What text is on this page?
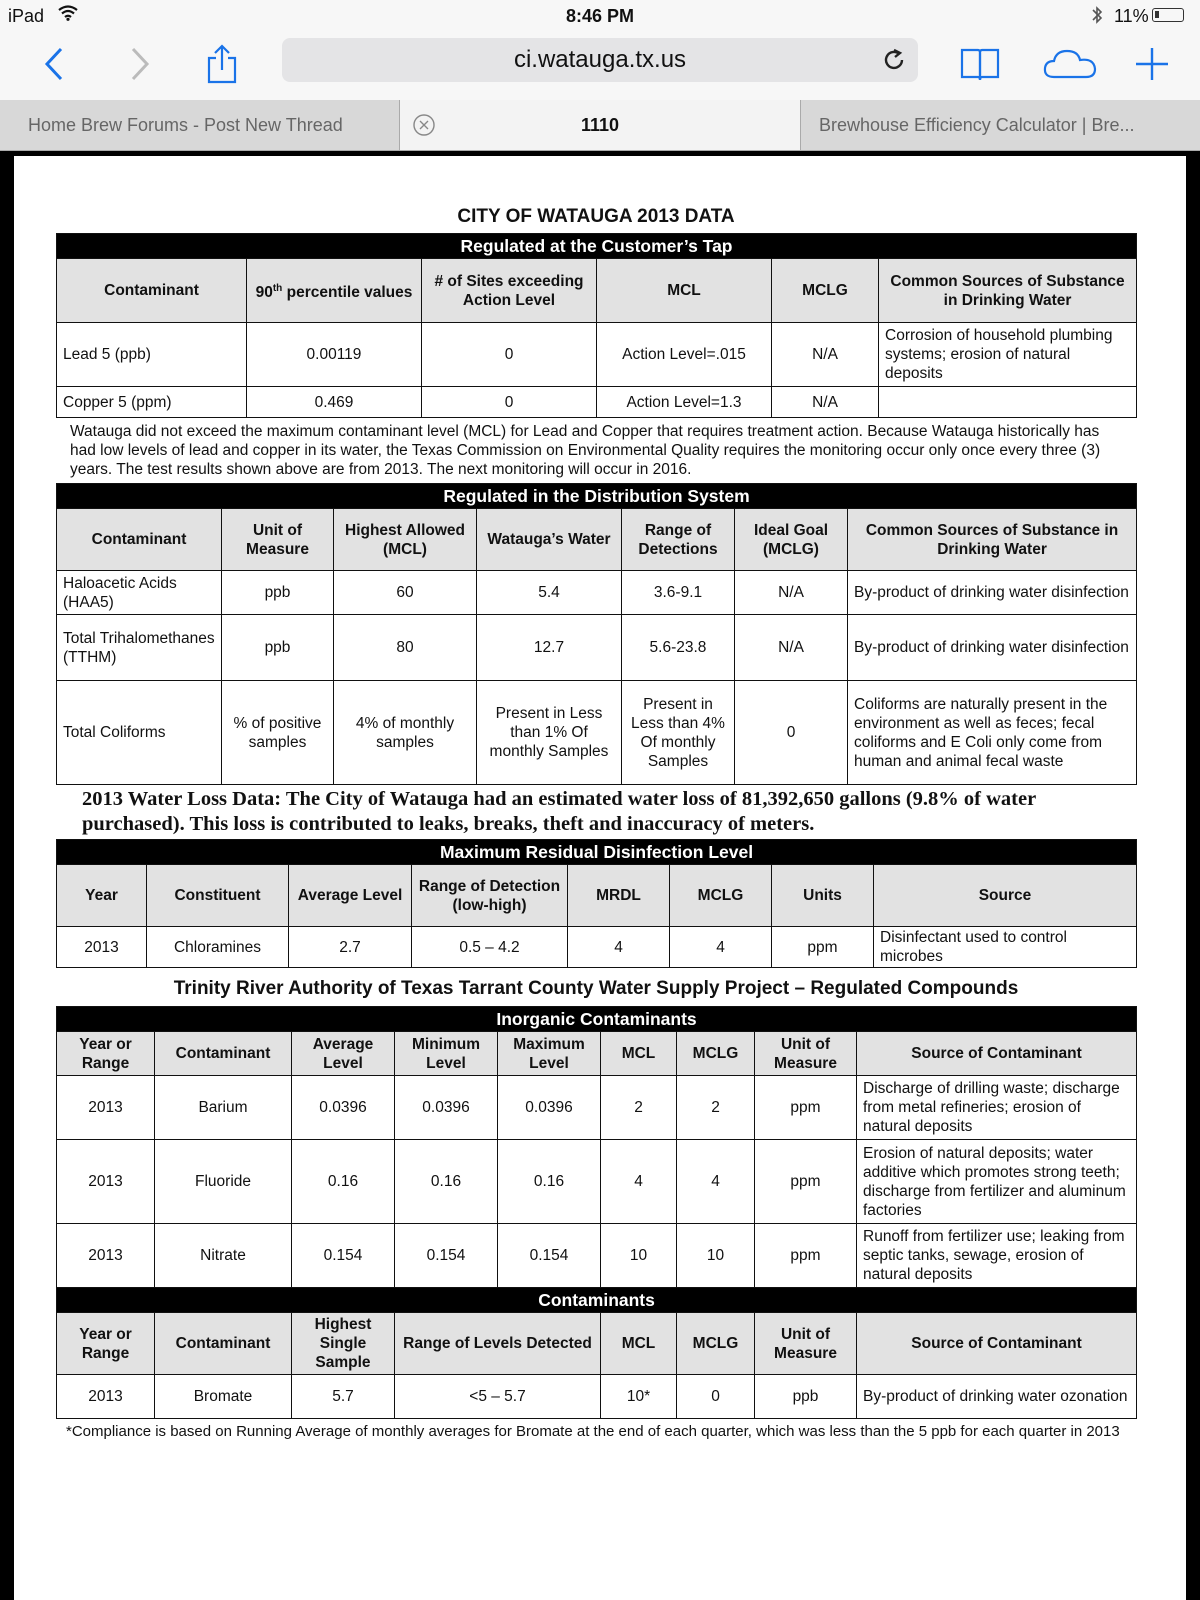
iPad	8:46 PM	11%
ci.watauga.tx.us
Home Brew Forums - Post New Thread	1110	Brewhouse Efficiency Calculator | Bre...
CITY OF WATAUGA 2013 DATA
Regulated at the Customer’s Tap					
Contaminant	90th percentile values	# of Sites exceeding Action Level	MCL	MCLG	Common Sources of Substance in Drinking Water
Lead 5 (ppb)	0.00119	0	Action Level=.015	N/A	Corrosion of household plumbing systems; erosion of natural deposits
Copper 5 (ppm)	0.469	0	Action Level=1.3	N/A	

Watauga did not exceed the maximum contaminant level (MCL) for Lead and Copper that requires treatment action. Because Watauga historically has had low levels of lead and copper in its water, the Texas Commission on Environmental Quality requires the monitoring occur only once every three (3) years. The test results shown above are from 2013. The next monitoring will occur in 2016.

Regulated in the Distribution System						
Contaminant	Unit of Measure	Highest Allowed (MCL)	Watauga’s Water	Range of Detections	Ideal Goal (MCLG)	Common Sources of Substance in Drinking Water
Haloacetic Acids (HAA5)	ppb	60	5.4	3.6-9.1	N/A	By-product of drinking water disinfection
Total Trihalomethanes (TTHM)	ppb	80	12.7	5.6-23.8	N/A	By-product of drinking water disinfection
Total Coliforms	% of positive samples	4% of monthly samples	Present in Less than 1% Of monthly Samples	Present in Less than 4% Of monthly Samples	0	Coliforms are naturally present in the environment as well as feces; fecal coliforms and E Coli only come from human and animal fecal waste

2013 Water Loss Data: The City of Watauga had an estimated water loss of 81,392,650 gallons (9.8% of water purchased). This loss is contributed to leaks, breaks, theft and inaccuracy of meters.

Maximum Residual Disinfection Level							
Year	Constituent	Average Level	Range of Detection (low-high)	MRDL	MCLG	Units	Source
2013	Chloramines	2.7	0.5 – 4.2	4	4	ppm	Disinfectant used to control microbes
Trinity River Authority of Texas Tarrant County Water Supply Project – Regulated Compounds
Inorganic Contaminants								
Year or Range	Contaminant	Average Level	Minimum Level	Maximum Level	MCL	MCLG	Unit of Measure	Source of Contaminant
2013	Barium	0.0396	0.0396	0.0396	2	2	ppm	Discharge of drilling waste; discharge from metal refineries; erosion of natural deposits
2013	Fluoride	0.16	0.16	0.16	4	4	ppm	Erosion of natural deposits; water additive which promotes strong teeth; discharge from fertilizer and aluminum factories
2013	Nitrate	0.154	0.154	0.154	10	10	ppm	Runoff from fertilizer use; leaking from septic tanks, sewage, erosion of natural deposits
Contaminants								
Year or Range	Contaminant	Highest Single Sample	Range of Levels Detected		MCL	MCLG	Unit of Measure	Source of Contaminant
2013	Bromate	5.7	<5 – 5.7		10*	0	ppb	By-product of drinking water ozonation

*Compliance is based on Running Average of monthly averages for Bromate at the end of each quarter, which was less than the 5 ppb for each quarter in 2013
